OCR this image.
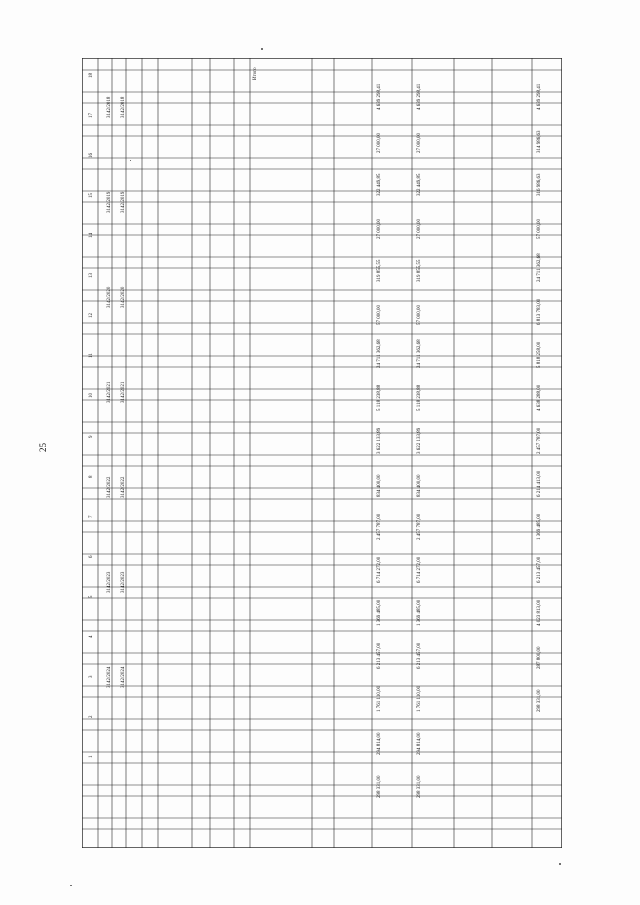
25
18
17
16
15
14
13
12
11
10
9
8
7
6
5
4
3
2
1
Итого
3142/2018 3142/2018
3142/2019 3142/2019
3142/2020 3142/2020
3142/2021 3142/2021
3142/2022 3142/2022
3142/2023 3142/2023
3142/2024 3142/2024
4 639 298,41
27 000,00
322 449,85
27 000,00
319 855,55
57 000,00
24 711 362,68
5 118 238,88
3 622 133,89
834 400,00
2 457 787,00
6 714 272,00
1 369 485,00
6 213 457,00
1 761 110,00
294 814,00
298 331,00
4 639 298,41
27 000,00
322 449,85
27 000,00
319 855,55
57 000,00
24 711 362,68
5 118 238,88
3 622 133,89
834 400,00
2 457 787,00
6 714 272,00
1 369 485,00
6 213 457,00
1 761 110,00
294 814,00
298 331,00
4 639 298,41
314 986,63
316 986,63
57 000,00
24 711 362,68
6 813 783,00
5 818 258,00
4 638 288,00
2 457 787,00
6 214 413,00
1 369 485,00
6 213 457,00
4 023 813,00
287 800,00
298 331,00
